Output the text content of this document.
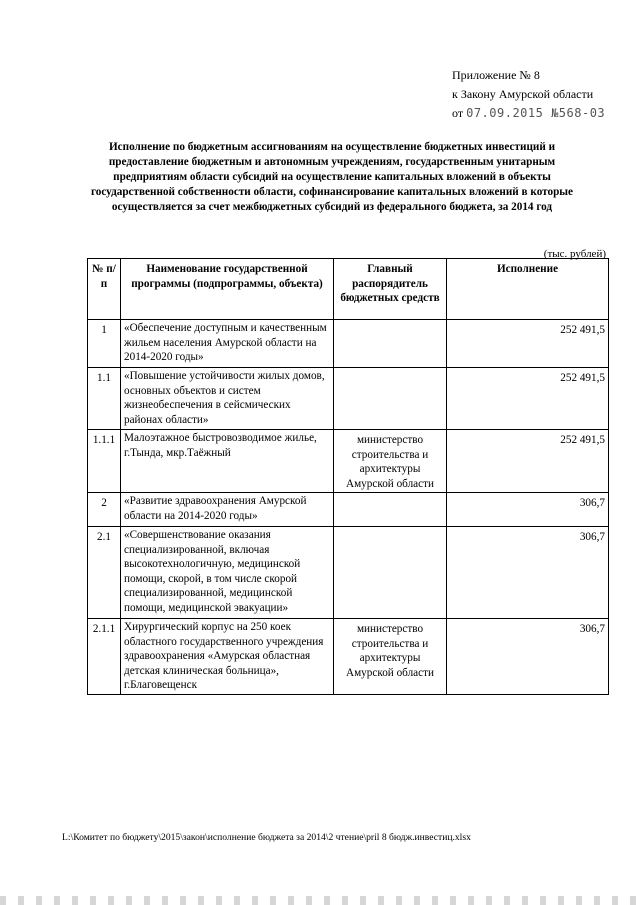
Приложение № 8
к Закону Амурской области
от 07.09.2015 №568-03
Исполнение по бюджетным ассигнованиям на осуществление бюджетных инвестиций и предоставление бюджетным и автономным учреждениям, государственным унитарным предприятиям области субсидий на осуществление капитальных вложений в объекты государственной собственности области, софинансирование капитальных вложений в которые осуществляется за счет межбюджетных субсидий из федерального бюджета, за 2014 год
(тыс. рублей)
№ п/п	Наименование государственной программы (подпрограммы, объекта)	Главный распорядитель бюджетных средств	Исполнение
1	«Обеспечение доступным и качественным жильем населения Амурской области на 2014-2020 годы»		252 491,5
1.1	«Повышение устойчивости жилых домов, основных объектов и систем жизнеобеспечения в сейсмических районах области»		252 491,5
1.1.1	Малоэтажное быстровозводимое жилье, г.Тында, мкр.Таёжный	министерство строительства и архитектуры Амурской области	252 491,5
2	«Развитие здравоохранения Амурской области на 2014-2020 годы»		306,7
2.1	«Совершенствование оказания специализированной, включая высокотехнологичную, медицинской помощи, скорой, в том числе скорой специализированной, медицинской помощи, медицинской эвакуации»		306,7
2.1.1	Хирургический корпус на 250 коек областного государственного учреждения здравоохранения «Амурская областная детская клиническая больница», г.Благовещенск	министерство строительства и архитектуры Амурской области	306,7
L:\Комитет по бюджету\2015\закон\исполнение бюджета за 2014\2 чтение\pril 8 бюдж.инвестиц.xlsx
